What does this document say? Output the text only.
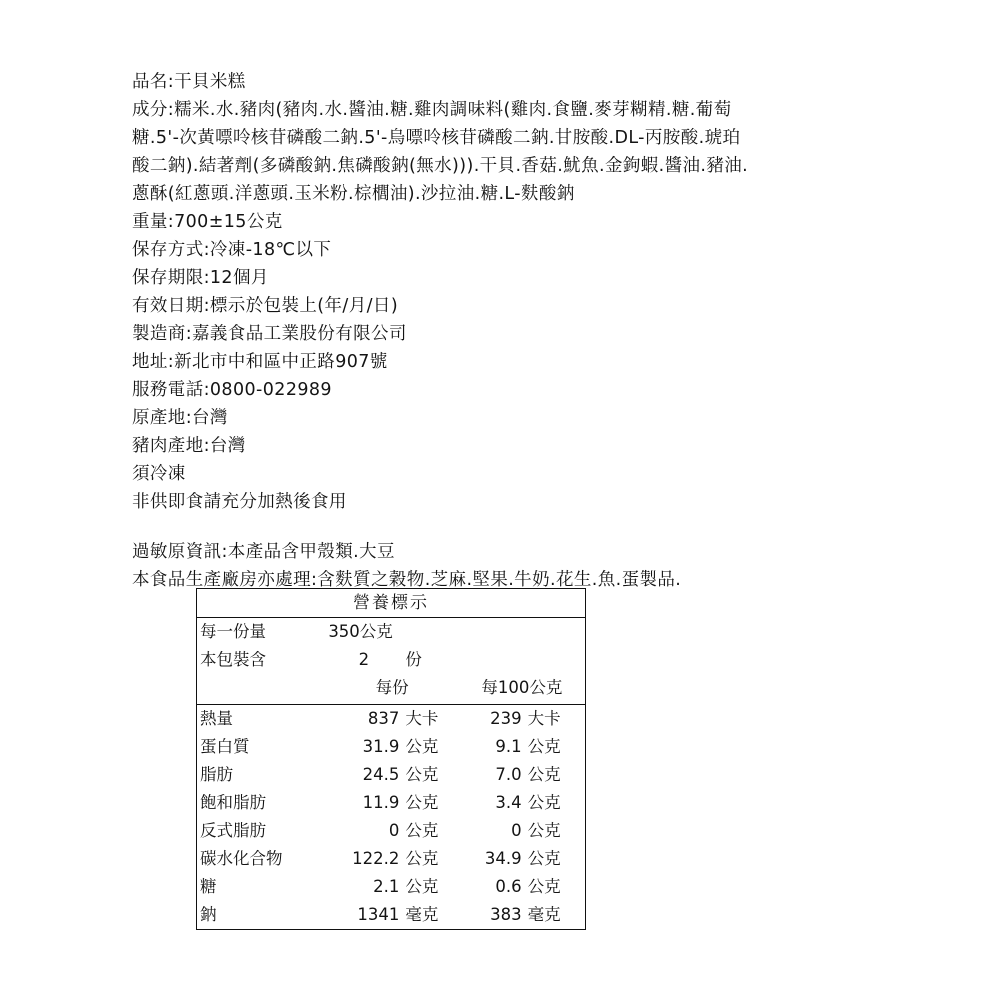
品名:干貝米糕
成分:糯米.水.豬肉(豬肉.水.醬油.糖.雞肉調味料(雞肉.食鹽.麥芽糊精.糖.葡萄
糖.5'-次黃嘌呤核苷磷酸二鈉.5'-烏嘌呤核苷磷酸二鈉.甘胺酸.DL-丙胺酸.琥珀
酸二鈉).結著劑(多磷酸鈉.焦磷酸鈉(無水))).干貝.香菇.魷魚.金鉤蝦.醬油.豬油.
蔥酥(紅蔥頭.洋蔥頭.玉米粉.棕櫚油).沙拉油.糖.L-麩酸鈉
重量:700±15公克
保存方式:冷凍-18℃以下
保存期限:12個月
有效日期:標示於包裝上(年/月/日)
製造商:嘉義食品工業股份有限公司
地址:新北市中和區中正路907號
服務電話:0800-022989
原產地:台灣
豬肉產地:台灣
須冷凍
非供即食請充分加熱後食用
過敏原資訊:本產品含甲殼類.大豆
本食品生產廠房亦處理:含麩質之穀物.芝麻.堅果.牛奶.花生.魚.蛋製品.
營養標示				
每一份量	350公克			
本包裝含	2	份		
	每份		每100公克	

熱量	837	大卡	239	大卡
蛋白質	31.9	公克	9.1	公克
脂肪	24.5	公克	7.0	公克
飽和脂肪	11.9	公克	3.4	公克
反式脂肪	0	公克	0	公克
碳水化合物	122.2	公克	34.9	公克
糖	2.1	公克	0.6	公克
鈉	1341	毫克	383	毫克
